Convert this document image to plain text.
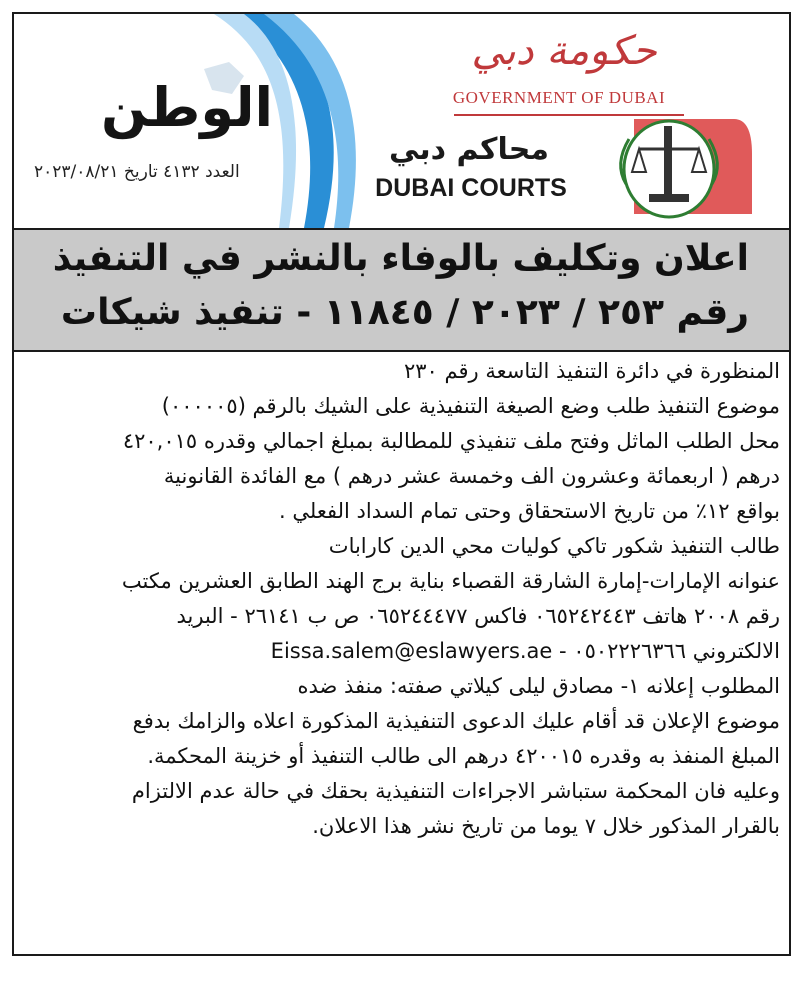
الوطن
العدد ٤١٣٢ تاريخ ٢٠٢٣/٠٨/٢١
حكومة دبي
GOVERNMENT OF DUBAI
محاكم دبي
DUBAI COURTS
اعلان وتكليف بالوفاء بالنشر في التنفيذ
رقم ٢٥٣ / ٢٠٢٣ / ١١٨٤٥ - تنفيذ شيكات
المنظورة في دائرة التنفيذ التاسعة رقم ٢٣٠
موضوع التنفيذ طلب وضع الصيغة التنفيذية على الشيك بالرقم (٠٠٠٠٠٥)
محل الطلب الماثل وفتح ملف تنفيذي للمطالبة بمبلغ اجمالي وقدره ٤٢٠,٠١٥
درهم ( اربعمائة وعشرون الف وخمسة عشر درهم ) مع الفائدة القانونية
بواقع ١٢٪ من تاريخ الاستحقاق وحتى تمام السداد الفعلي .
طالب التنفيذ شكور تاكي كوليات محي الدين كارابات
عنوانه الإمارات-إمارة الشارقة القصباء بناية برج الهند الطابق العشرين مكتب
رقم ٢٠٠٨ هاتف ٠٦٥٢٤٢٤٤٣ فاكس ٠٦٥٢٤٤٤٧٧ ص ب ٢٦١٤١ - البريد
الالكتروني ٠٥٠٢٢٢٦٣٦٦ - Eissa.salem@eslawyers.ae
المطلوب إعلانه ١- مصادق ليلى كيلاتي صفته: منفذ ضده
موضوع الإعلان قد أقام عليك الدعوى التنفيذية المذكورة اعلاه والزامك بدفع
المبلغ المنفذ به وقدره ٤٢٠٠١٥ درهم الى طالب التنفيذ أو خزينة المحكمة.
وعليه فان المحكمة ستباشر الاجراءات التنفيذية بحقك في حالة عدم الالتزام
بالقرار المذكور خلال ٧ يوما من تاريخ نشر هذا الاعلان.
